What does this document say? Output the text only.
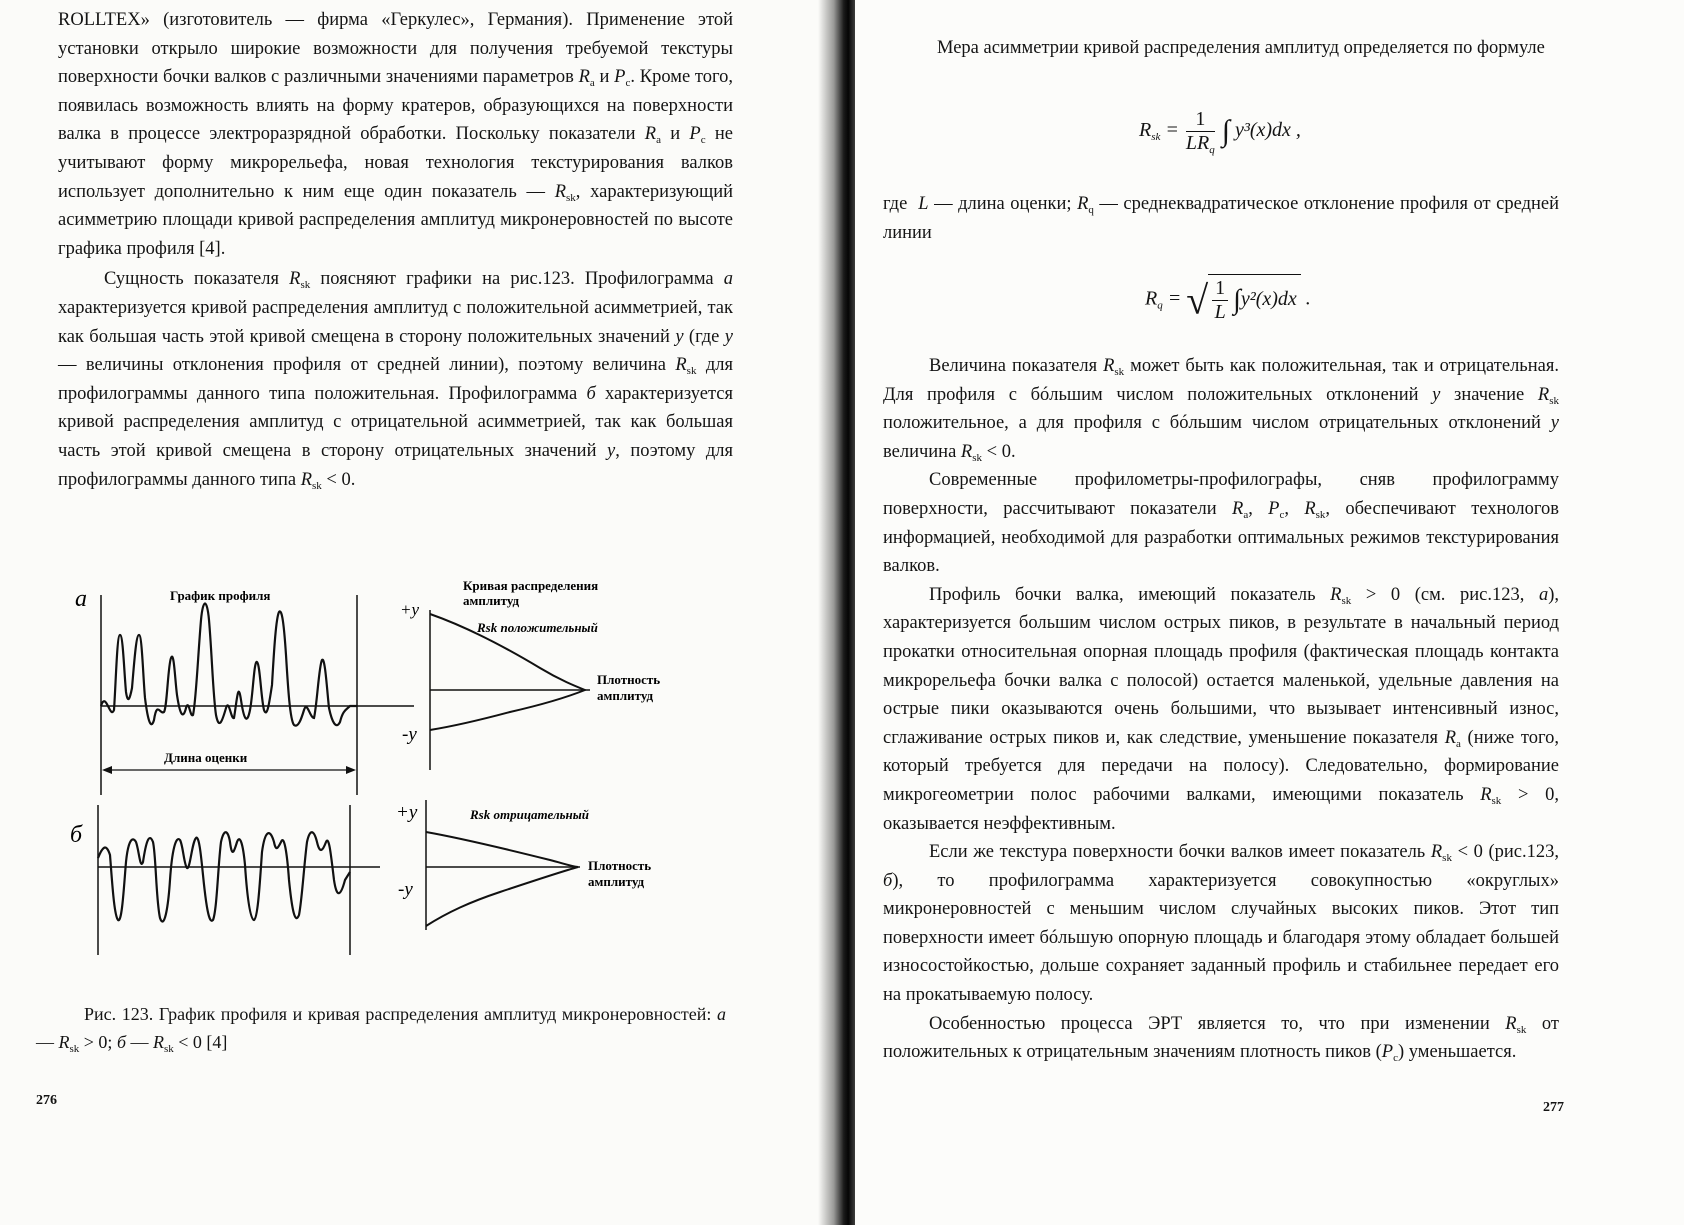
ROLLTEX» (изготовитель — фирма «Геркулес», Германия). Применение этой установки открыло широкие возможности для получения требуемой текстуры поверхности бочки валков с различными значениями параметров $R_a$ и $P_c$. Кроме того, появилась возможность влиять на форму кратеров, образующихся на поверхности валка в процессе электроразрядной обработки. Поскольку показатели $R_a$ и $P_c$ не учитывают форму микрорельефа, новая технология текстурирования валков использует дополнительно к ним еще один показатель — $R_{sk}$, характеризующий асимметрию площади кривой распределения амплитуд микронеровностей по высоте графика профиля [4].

Сущность показателя $R_{sk}$ поясняют графики на рис.123. Профилограмма а характеризуется кривой распределения амплитуд с положительной асимметрией, так как большая часть этой кривой смещена в сторону положительных значений y (где y — величины отклонения профиля от средней линии), поэтому величина $R_{sk}$ для профилограммы данного типа положительная. Профилограмма б характеризуется кривой распределения амплитуд с отрицательной асимметрией, так как большая часть этой кривой смещена в сторону отрицательных значений y, поэтому для профилограммы данного типа $R_{sk} < 0$.

а	График профиля
Длина оценки
Кривая распределения
амплитуд
+y
Rsk положительный
Плотность
амплитуд
-y
б
+y	Rsk отрицательный
Плотность
амплитуд
-y
Рис. 123. График профиля и кривая распределения амплитуд микронеровностей: а — $R_{sk} > 0$; б — $R_{sk} < 0$ [4]
276
Мера асимметрии кривой распределения амплитуд определяется по формуле
$R_{sk}$ =
1
$LR_q$
∫ y³(x)dx ,
где  L — длина оценки; $R_q$ — среднеквадратическое отклонение профиля от средней линии
$R_q$ = √ $\frac{1}{L} \int y^2(x)dx$ .

Величина показателя $R_{sk}$ может быть как положительная, так и отрицательная. Для профиля с бóльшим числом положительных отклонений y значение $R_{sk}$ положительное, а для профиля с бóльшим числом отрицательных отклонений y величина $R_{sk} < 0$.

Современные профилометры-профилографы, сняв профилограмму поверхности, рассчитывают показатели $R_a$, $P_c$, $R_{sk}$, обеспечивают технологов информацией, необходимой для разработки оптимальных режимов текстурирования валков.

Профиль бочки валка, имеющий показатель $R_{sk} > 0$ (см. рис.123, а), характеризуется большим числом острых пиков, в результате в начальный период прокатки относительная опорная площадь профиля (фактическая площадь контакта микрорельефа бочки валка с полосой) остается маленькой, удельные давления на острые пики оказываются очень большими, что вызывает интенсивный износ, сглаживание острых пиков и, как следствие, уменьшение показателя $R_a$ (ниже того, который требуется для передачи на полосу). Следовательно, формирование микрогеометрии полос рабочими валками, имеющими показатель $R_{sk} > 0$, оказывается неэффективным.

Если же текстура поверхности бочки валков имеет показатель $R_{sk} < 0$ (рис.123, б), то профилограмма характеризуется совокупностью «округлых» микронеровностей с меньшим числом случайных высоких пиков. Этот тип поверхности имеет бóльшую опорную площадь и благодаря этому обладает большей износостойкостью, дольше сохраняет заданный профиль и стабильнее передает его на прокатываемую полосу.

Особенностью процесса ЭРТ является то, что при изменении $R_{sk}$ от положительных к отрицательным значениям плотность пиков $(P_c)$ уменьшается.

277
